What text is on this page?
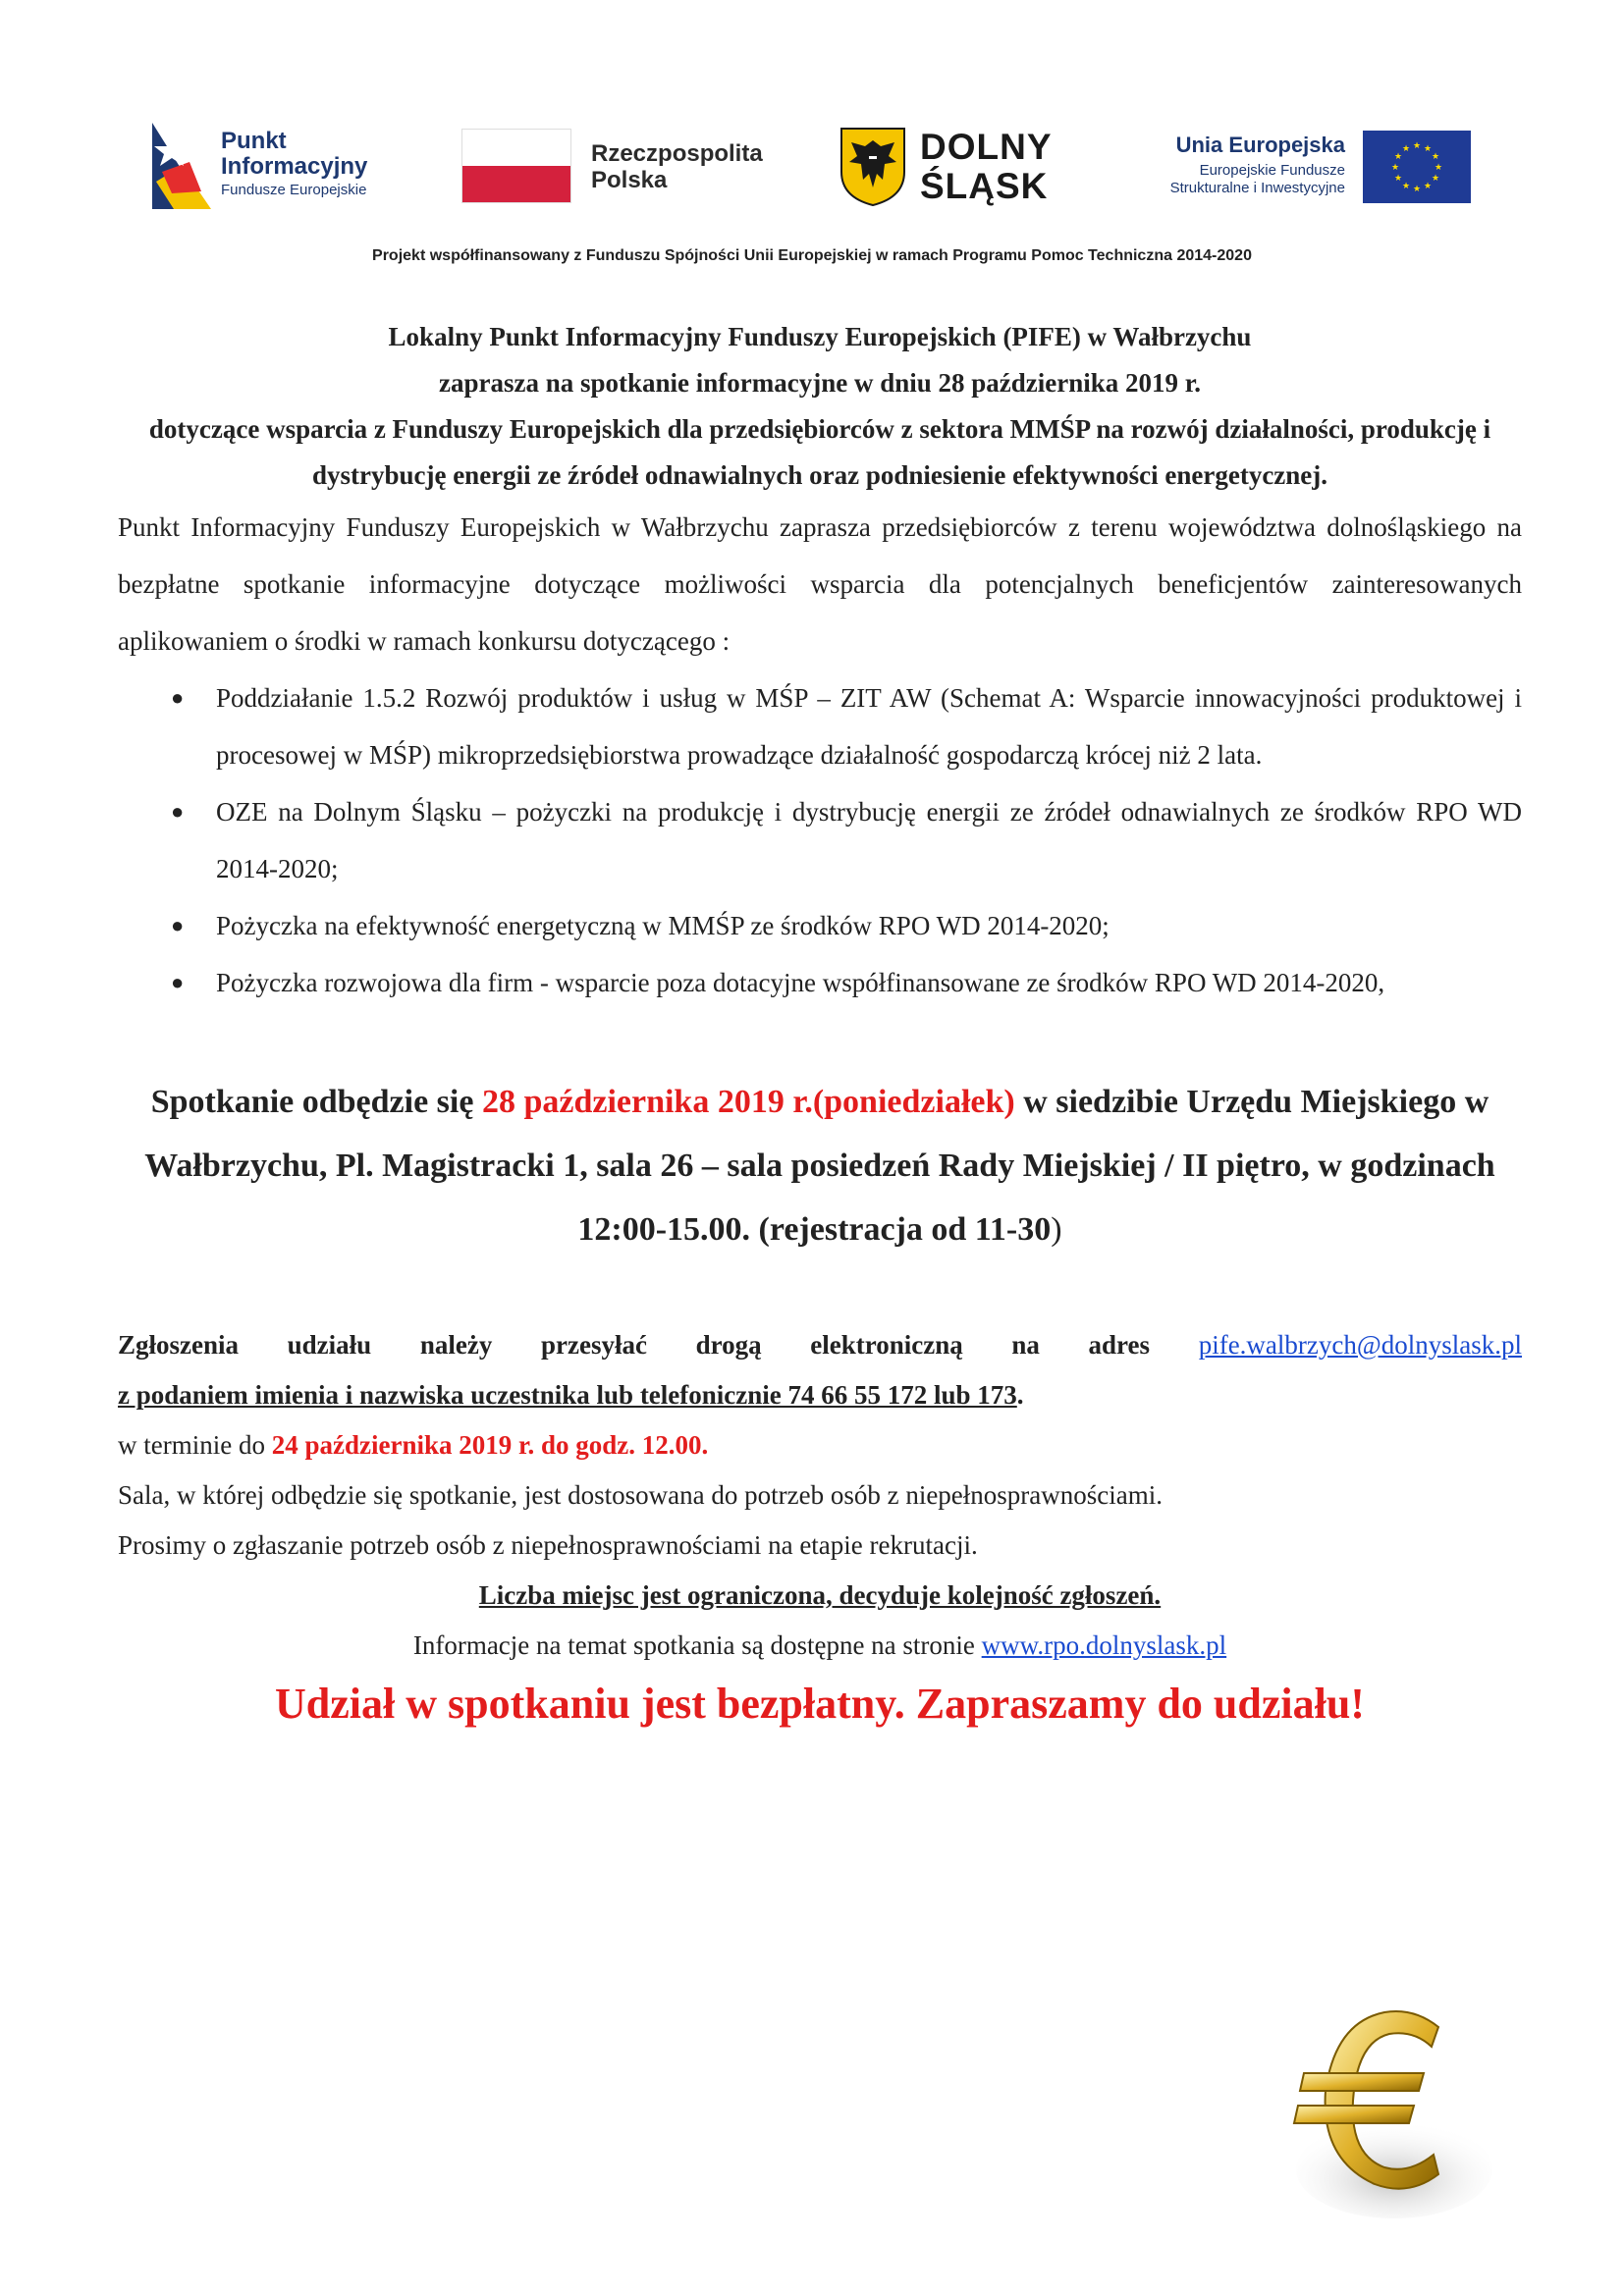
Punkt
Informacyjny
Fundusze Europejskie
Rzeczpospolita
Polska
DOLNY
ŚLĄSK
Unia Europejska
Europejskie Fundusze
Strukturalne i Inwestycyjne
★ ★
★
★
★
★
★
★
★
★
★
★
Projekt współfinansowany z Funduszu Spójności Unii Europejskiej w ramach Programu Pomoc Techniczna 2014-2020

Lokalny Punkt Informacyjny Funduszy Europejskich (PIFE) w Wałbrzychu

zaprasza na spotkanie informacyjne w dniu 28 października 2019 r.

dotyczące wsparcia z Funduszy Europejskich dla przedsiębiorców z sektora MMŚP na rozwój działalności, produkcję i dystrybucję energii ze źródeł odnawialnych oraz podniesienie efektywności energetycznej.

Punkt Informacyjny Funduszy Europejskich w Wałbrzychu zaprasza przedsiębiorców z terenu województwa dolnośląskiego na bezpłatne spotkanie informacyjne dotyczące możliwości wsparcia dla potencjalnych beneficjentów zainteresowanych aplikowaniem o środki w ramach konkursu dotyczącego :

● Poddziałanie 1.5.2 Rozwój produktów i usług w MŚP – ZIT AW (Schemat A: Wsparcie innowacyjności produktowej i procesowej w MŚP) mikroprzedsiębiorstwa prowadzące działalność gospodarczą krócej niż 2 lata.
● OZE na Dolnym Śląsku – pożyczki na produkcję i dystrybucję energii ze źródeł odnawialnych ze środków RPO WD 2014-2020;
● Pożyczka na efektywność energetyczną w MMŚP ze środków RPO WD 2014-2020;
● Pożyczka rozwojowa dla firm - wsparcie poza dotacyjne współfinansowane ze środków RPO WD 2014-2020,

Spotkanie odbędzie się 28 października 2019 r.(poniedziałek) w siedzibie Urzędu Miejskiego w Wałbrzychu, Pl. Magistracki 1, sala 26 – sala posiedzeń Rady Miejskiej / II piętro, w godzinach 12:00-15.00. (rejestracja od 11-30)

Zgłoszenia udziału należy przesyłać drogą elektroniczną na adres pife.walbrzych@dolnyslask.pl

z podaniem imienia i nazwiska uczestnika lub telefonicznie 74 66 55 172 lub 173.

w terminie do 24 października 2019 r. do godz. 12.00.

Sala, w której odbędzie się spotkanie, jest dostosowana do potrzeb osób z niepełnosprawnościami.

Prosimy o zgłaszanie potrzeb osób z niepełnosprawnościami na etapie rekrutacji.

Liczba miejsc jest ograniczona, decyduje kolejność zgłoszeń.

Informacje na temat spotkania są dostępne na stronie www.rpo.dolnyslask.pl

Udział w spotkaniu jest bezpłatny. Zapraszamy do udziału!
